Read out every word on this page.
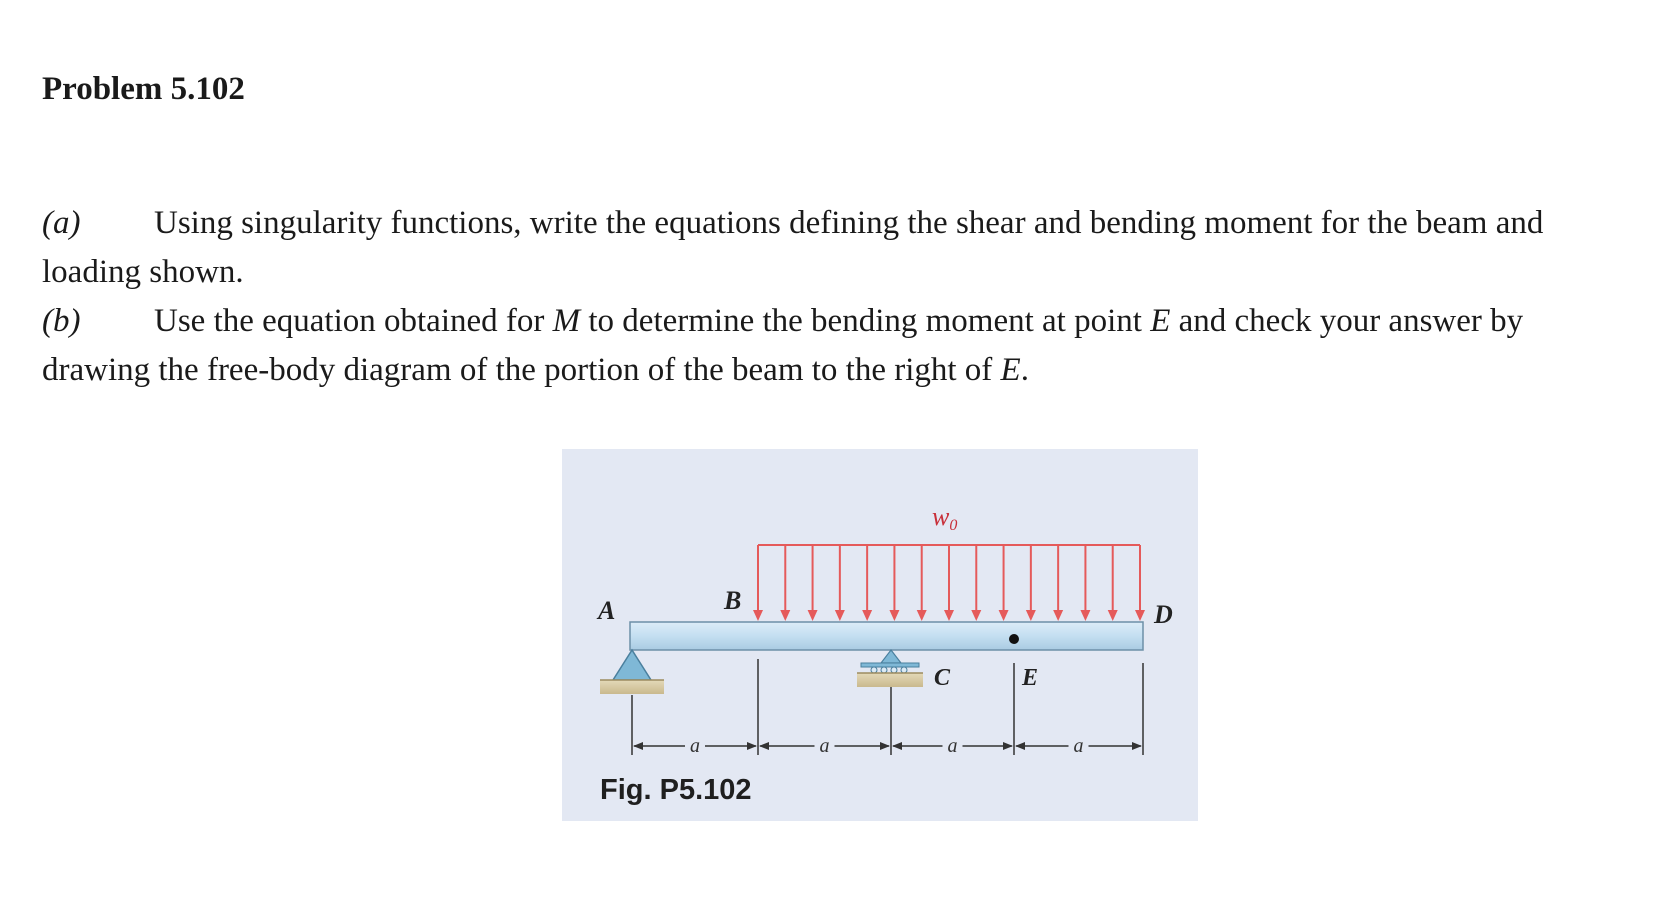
Problem 5.102

(a) Using singularity functions, write the equations defining the shear and bending moment for the beam and loading shown.

(b) Use the equation obtained for M to determine the bending moment at point E and check your answer by drawing the free-body diagram of the portion of the beam to the right of E.

w0
A	B	D
C	E
a	a	a	a
Fig. P5.102
